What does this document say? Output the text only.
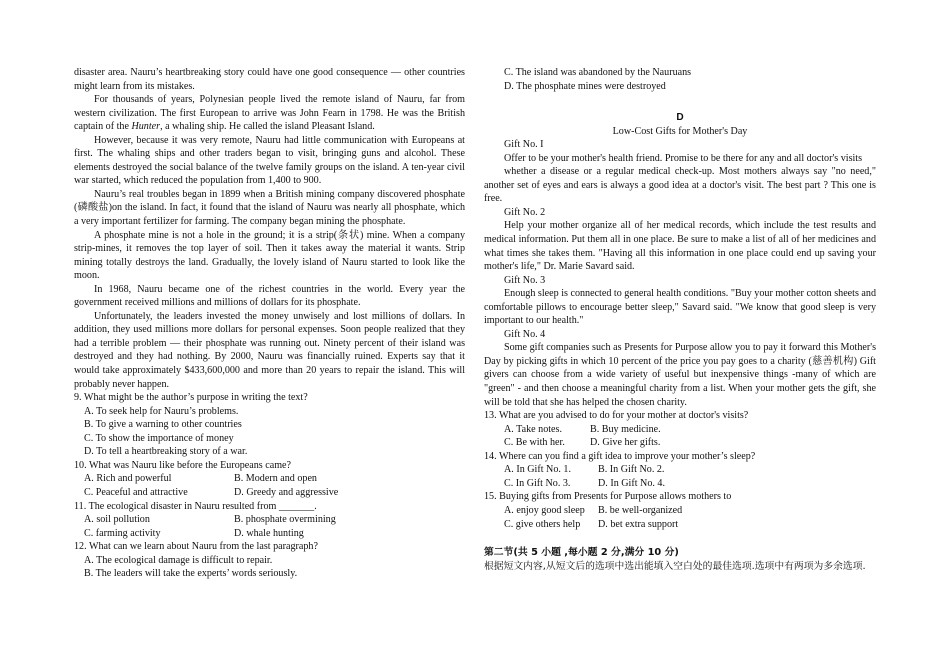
disaster area. Nauru’s heartbreaking story could have one good consequence — other countries might learn from its mistakes.

For thousands of years, Polynesian people lived the remote island of Nauru, far from western civilization. The first European to arrive was John Fearn in 1798. He was the British captain of the Hunter, a whaling ship. He called the island Pleasant Island.

However, because it was very remote, Nauru had little communication with Europeans at first. The whaling ships and other traders began to visit, bringing guns and alcohol. These elements destroyed the social balance of the twelve family groups on the island. A ten-year civil war started, which reduced the population from 1,400 to 900.

Nauru’s real troubles began in 1899 when a British mining company discovered phosphate (磷酸盐)on the island. In fact, it found that the island of Nauru was nearly all phosphate, which a very important fertilizer for farming. The company began mining the phosphate.

A phosphate mine is not a hole in the ground; it is a strip(条状) mine. When a company strip-mines, it removes the top layer of soil. Then it takes away the material it wants. Strip mining totally destroys the land. Gradually, the lovely island of Nauru started to look like the moon.

In 1968, Nauru became one of the richest countries in the world. Every year the government received millions and millions of dollars for its phosphate.

Unfortunately, the leaders invested the money unwisely and lost millions of dollars. In addition, they used millions more dollars for personal expenses. Soon people realized that they had a terrible problem — their phosphate was running out. Ninety percent of their island was destroyed and they had nothing. By 2000, Nauru was financially ruined. Experts say that it would take approximately $433,600,000 and more than 20 years to repair the island. This will probably never happen.

9. What might be the author’s purpose in writing the text?

A. To seek help for Nauru’s problems.

B. To give a warning to other countries

C. To show the importance of money

D. To tell a heartbreaking story of a war.

10. What was Nauru like before the Europeans came?

A. Rich and powerful	B. Modern and open
C. Peaceful and attractive	D. Greedy and aggressive

11. The ecological disaster in Nauru resulted from _______.

A. soil pollution	B. phosphate overmining
C. farming activity	D. whale hunting

12. What can we learn about Nauru from the last paragraph?

A. The ecological damage is difficult to repair.

B. The leaders will take the experts’ words seriously.

C. The island was abandoned by the Nauruans

D. The phosphate mines were destroyed

D

Low-Cost Gifts for Mother's Day

Gift No. I

Offer to be your mother's health friend. Promise to be there for any and all doctor's visits

whether a disease or a regular medical check-up. Most mothers always say "no need," another set of eyes and ears is always a good idea at a doctor's visit. The best part ? This one is free.

Gift No. 2

Help your mother organize all of her medical records, which include the test results and medical information. Put them all in one place. Be sure to make a list of all of her medicines and what times she takes them. "Having all this information in one place could end up saving your mother's life," Dr. Marie Savard said.

Gift No. 3

Enough sleep is connected to general health conditions. "Buy your mother cotton sheets and comfortable pillows to encourage better sleep," Savard said. "We know that good sleep is very important to our health."

Gift No. 4

Some gift companies such as Presents for Purpose allow you to pay it forward this Mother's Day by picking gifts in which 10 percent of the price you pay goes to a charity (慈善机构) Gift givers can choose from a wide variety of useful but inexpensive things -many of which are "green" - and then choose a meaningful charity from a list. When your mother gets the gift, she will be told that she has helped the chosen charity.

13. What are you advised to do for your mother at doctor's visits?

A. Take notes.	B. Buy medicine.
C. Be with her.	D. Give her gifts.

14. Where can you find a gift idea to improve your mother’s sleep?

A. In Gift No. 1.	B. In Gift No. 2.
C. In Gift No. 3.	D. In Gift No. 4.

15. Buying gifts from Presents for Purpose allows mothers to

A. enjoy good sleep	B. be well-organized
C. give others help	D. bet extra support

第二节(共 5 小题 ,每小题 2 分,满分 10 分)

根据短文内容,从短文后的选项中选出能填入空白处的最佳选项.选项中有两项为多余选项.
